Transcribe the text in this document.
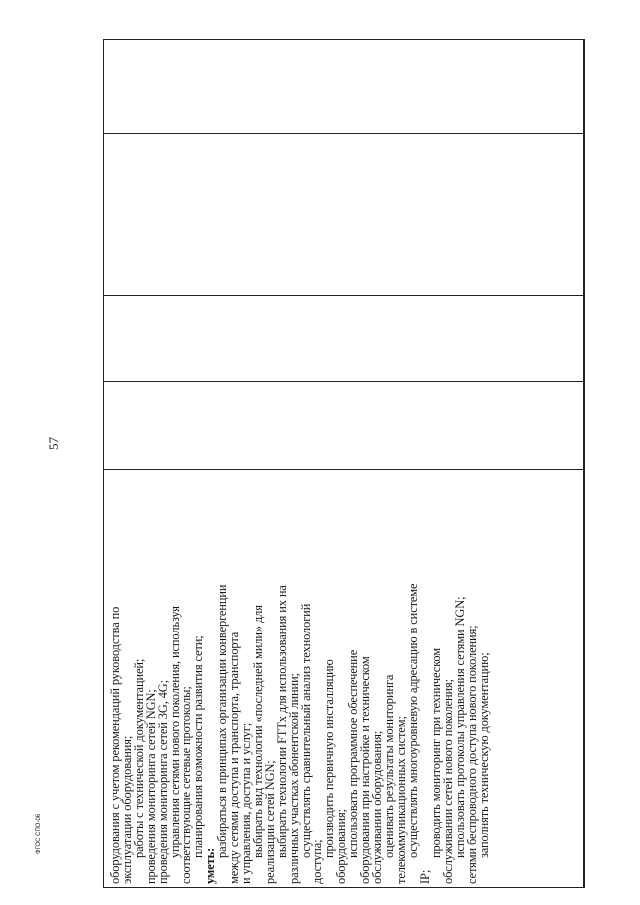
оборудования с учетом рекомендаций руководства по
эксплуатации оборудования;
работы с технической документацией;
проведения мониторинга сетей NGN;
проведения мониторинга сетей 3G, 4G;
управления сетями нового поколения, используя
соответствующие сетевые протоколы;
планирования возможности развития сети;
уметь:
разбираться в принципах организации конвергенции
между сетями доступа и транспорта, транспорта
и управления, доступа и услуг;
выбирать вид технологии «последней мили» для
реализации сетей NGN;
выбирать технологии FTTx для использования их на
различных участках абонентской линии;
осуществлять сравнительный анализ технологий
доступа;
производить первичную инсталляцию
оборудования;
использовать программное обеспечение
оборудования при настройке и техническом
обслуживании оборудования;
оценивать результаты мониторинга
телекоммуникационных систем;
осуществлять многоуровневую адресацию в системе
IP;
проводить мониторинг при техническом
обслуживании сетей нового поколения;
использовать протоколы управления сетями NGN;
сетями беспроводного доступа нового поколения;
заполнять техническую документацию;
57
ФГОС СПО-06
